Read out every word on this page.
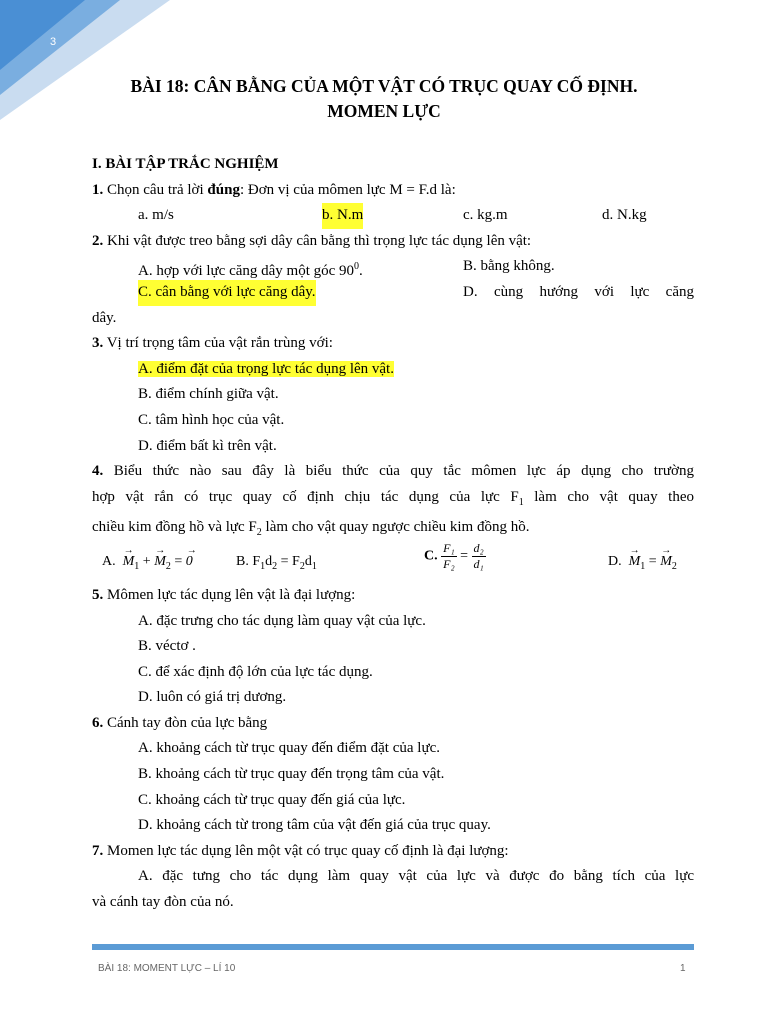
3
BÀI 18: CÂN BẰNG CỦA MỘT VẬT CÓ TRỤC QUAY CỐ ĐỊNH.
MOMEN LỰC
I. BÀI TẬP TRẮC NGHIỆM
1. Chọn câu trả lời đúng: Đơn vị của mômen lực M = F.d là:
a. m/s	b. N.m	c. kg.m	d. N.kg
2. Khi vật được treo bằng sợi dây cân bằng thì trọng lực tác dụng lên vật:
A. hợp với lực căng dây một góc $90^0$.	B. bằng không.
C. cân bằng với lực căng dây.	D. cùng hướng với lực căng
dây.
3. Vị trí trọng tâm của vật rắn trùng với:
A. điểm đặt của trọng lực tác dụng lên vật.
B. điểm chính giữa vật.
C. tâm hình học của vật.
D. điểm bất kì trên vật.
4. Biểu thức nào sau đây là biểu thức của quy tắc mômen lực áp dụng cho trường
hợp vật rắn có trục quay cố định chịu tác dụng của lực $F_1$ làm cho vật quay theo
chiều kim đồng hồ và lực $F_2$ làm cho vật quay ngược chiều kim đồng hồ.
A. → $M_1$ + → $M_2$ = → 0	B. $F_1d_2 = F_2d_1$
C. $\frac{\text{F₁}}{\text{F₂}} = \frac{\text{d₂}}{\text{d₁}}$	D. → $M_1$ = → $M_2$
5. Mômen lực tác dụng lên vật là đại lượng:
A. đặc trưng cho tác dụng làm quay vật của lực.
B. véctơ .
C. để xác định độ lớn của lực tác dụng.
D. luôn có giá trị dương.
6. Cánh tay đòn của lực bằng
A. khoảng cách từ trục quay đến điểm đặt của lực.
B. khoảng cách từ trục quay đến trọng tâm của vật.
C. khoảng cách từ trục quay đến giá của lực.
D. khoảng cách từ trong tâm của vật đến giá của trục quay.
7. Momen lực tác dụng lên một vật có trục quay cố định là đại lượng:
A. đặc tưng cho tác dụng làm quay vật của lực và được đo bằng tích của lực
và cánh tay đòn của nó.
BÀI 18: MOMENT LỰC – LÍ 10	1
